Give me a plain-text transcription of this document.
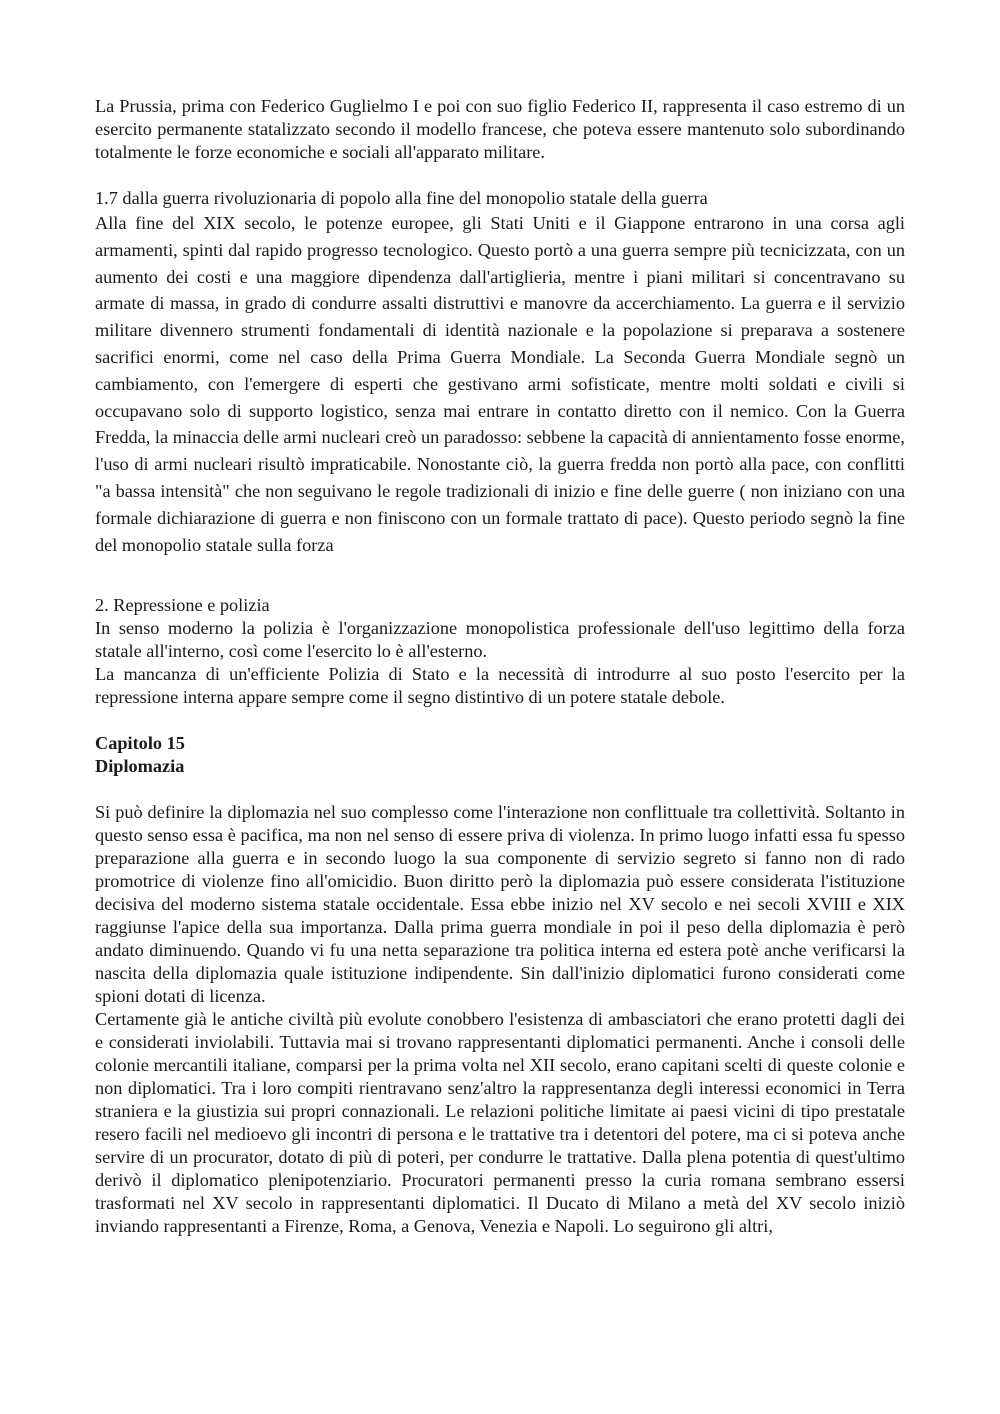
La Prussia, prima con Federico Guglielmo I e poi con suo figlio Federico II, rappresenta il caso estremo di un esercito permanente statalizzato secondo il modello francese, che poteva essere mantenuto solo subordinando totalmente le forze economiche e sociali all'apparato militare.

1.7 dalla guerra rivoluzionaria di popolo alla fine del monopolio statale della guerra

Alla fine del XIX secolo, le potenze europee, gli Stati Uniti e il Giappone entrarono in una corsa agli armamenti, spinti dal rapido progresso tecnologico. Questo portò a una guerra sempre più tecnicizzata, con un aumento dei costi e una maggiore dipendenza dall'artiglieria, mentre i piani militari si concentravano su armate di massa, in grado di condurre assalti distruttivi e manovre da accerchiamento. La guerra e il servizio militare divennero strumenti fondamentali di identità nazionale e la popolazione si preparava a sostenere sacrifici enormi, come nel caso della Prima Guerra Mondiale. La Seconda Guerra Mondiale segnò un cambiamento, con l'emergere di esperti che gestivano armi sofisticate, mentre molti soldati e civili si occupavano solo di supporto logistico, senza mai entrare in contatto diretto con il nemico. Con la Guerra Fredda, la minaccia delle armi nucleari creò un paradosso: sebbene la capacità di annientamento fosse enorme, l'uso di armi nucleari risultò impraticabile. Nonostante ciò, la guerra fredda non portò alla pace, con conflitti "a bassa intensità" che non seguivano le regole tradizionali di inizio e fine delle guerre ( non iniziano con una formale dichiarazione di guerra e non finiscono con un formale trattato di pace). Questo periodo segnò la fine del monopolio statale sulla forza

2. Repressione e polizia

In senso moderno la polizia è l'organizzazione monopolistica professionale dell'uso legittimo della forza statale all'interno, così come l'esercito lo è all'esterno.

La mancanza di un'efficiente Polizia di Stato e la necessità di introdurre al suo posto l'esercito per la repressione interna appare sempre come il segno distintivo di un potere statale debole.

Capitolo 15

Diplomazia

Si può definire la diplomazia nel suo complesso come l'interazione non conflittuale tra collettività. Soltanto in questo senso essa è pacifica, ma non nel senso di essere priva di violenza. In primo luogo infatti essa fu spesso preparazione alla guerra e in secondo luogo la sua componente di servizio segreto si fanno non di rado promotrice di violenze fino all'omicidio. Buon diritto però la diplomazia può essere considerata l'istituzione decisiva del moderno sistema statale occidentale. Essa ebbe inizio nel XV secolo e nei secoli XVIII e XIX raggiunse l'apice della sua importanza. Dalla prima guerra mondiale in poi il peso della diplomazia è però andato diminuendo. Quando vi fu una netta separazione tra politica interna ed estera potè anche verificarsi la nascita della diplomazia quale istituzione indipendente. Sin dall'inizio diplomatici furono considerati come spioni dotati di licenza.

Certamente già le antiche civiltà più evolute conobbero l'esistenza di ambasciatori che erano protetti dagli dei e considerati inviolabili. Tuttavia mai si trovano rappresentanti diplomatici permanenti. Anche i consoli delle colonie mercantili italiane, comparsi per la prima volta nel XII secolo, erano capitani scelti di queste colonie e non diplomatici. Tra i loro compiti rientravano senz'altro la rappresentanza degli interessi economici in Terra straniera e la giustizia sui propri connazionali. Le relazioni politiche limitate ai paesi vicini di tipo prestatale resero facili nel medioevo gli incontri di persona e le trattative tra i detentori del potere, ma ci si poteva anche servire di un procurator, dotato di più di poteri, per condurre le trattative. Dalla plena potentia di quest'ultimo derivò il diplomatico plenipotenziario. Procuratori permanenti presso la curia romana sembrano essersi trasformati nel XV secolo in rappresentanti diplomatici. Il Ducato di Milano a metà del XV secolo iniziò inviando rappresentanti a Firenze, Roma, a Genova, Venezia e Napoli. Lo seguirono gli altri,
